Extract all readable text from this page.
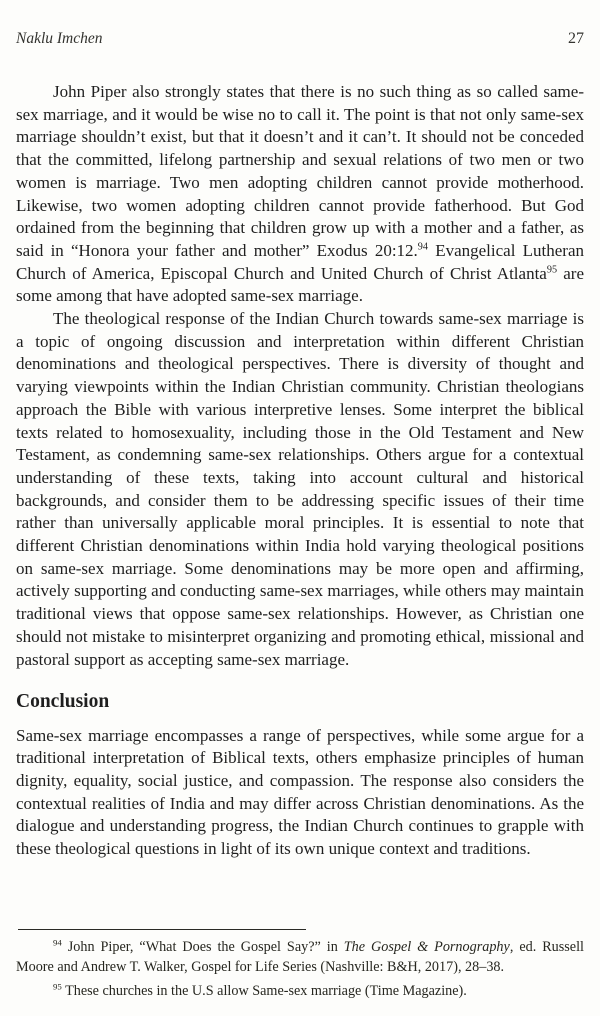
Naklu Imchen	27

John Piper also strongly states that there is no such thing as so called same-sex marriage, and it would be wise no to call it. The point is that not only same-sex marriage shouldn’t exist, but that it doesn’t and it can’t. It should not be conceded that the committed, lifelong partnership and sexual relations of two men or two women is marriage. Two men adopting children cannot provide motherhood. Likewise, two women adopting children cannot provide fatherhood. But God ordained from the beginning that children grow up with a mother and a father, as said in “Honora your father and mother” Exodus 20:12.94 Evangelical Lutheran Church of America, Episcopal Church and United Church of Christ Atlanta$^{95}$ are some among that have adopted same-sex marriage.

The theological response of the Indian Church towards same-sex marriage is a topic of ongoing discussion and interpretation within different Christian denominations and theological perspectives. There is diversity of thought and varying viewpoints within the Indian Christian community. Christian theologians approach the Bible with various interpretive lenses. Some interpret the biblical texts related to homosexuality, including those in the Old Testament and New Testament, as condemning same-sex relationships. Others argue for a contextual understanding of these texts, taking into account cultural and historical backgrounds, and consider them to be addressing specific issues of their time rather than universally applicable moral principles. It is essential to note that different Christian denominations within India hold varying theological positions on same-sex marriage. Some denominations may be more open and affirming, actively supporting and conducting same-sex marriages, while others may maintain traditional views that oppose same-sex relationships. However, as Christian one should not mistake to misinterpret organizing and promoting ethical, missional and pastoral support as accepting same-sex marriage.

Conclusion

Same-sex marriage encompasses a range of perspectives, while some argue for a traditional interpretation of Biblical texts, others emphasize principles of human dignity, equality, social justice, and compassion. The response also considers the contextual realities of India and may differ across Christian denominations. As the dialogue and understanding progress, the Indian Church continues to grapple with these theological questions in light of its own unique context and traditions.

$^{94}$ John Piper, “What Does the Gospel Say?” in The Gospel & Pornography, ed. Russell Moore and Andrew T. Walker, Gospel for Life Series (Nashville: B&H, 2017), 28–38.

$^{95}$ These churches in the U.S allow Same-sex marriage (Time Magazine).
